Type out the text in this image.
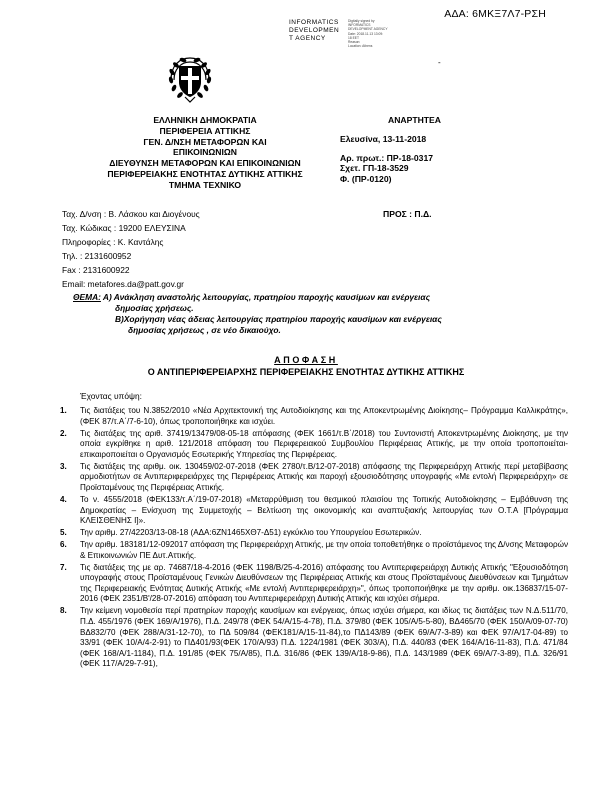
ΑΔΑ: 6ΜΚΞ7Λ7-ΡΣΗ
INFORMATICS
DEVELOPMEN
T AGENCY
Digitally signed by
INFORMATICS
DEVELOPMENT AGENCY
Date: 2018.11.13 13:09:
18 EET
Reason:
Location: Athens
-
ΕΛΛΗΝΙΚΗ ΔΗΜΟΚΡΑΤΙΑ
ΠΕΡΙΦΕΡΕΙΑ ΑΤΤΙΚΗΣ
ΓΕΝ. Δ/ΝΣΗ ΜΕΤΑΦΟΡΩΝ ΚΑΙ
ΕΠΙΚΟΙΝΩΝΙΩΝ
ΔΙΕΥΘΥΝΣΗ ΜΕΤΑΦΟΡΩΝ ΚΑΙ ΕΠΙΚΟΙΝΩΝΙΩΝ
ΠΕΡΙΦΕΡΕΙΑΚΗΣ ΕΝΟΤΗΤΑΣ ΔΥΤΙΚΗΣ ΑΤΤΙΚΗΣ
ΤΜΗΜΑ ΤΕΧΝΙΚΟ
ΑΝΑΡΤΗΤΕΑ
Ελευσίνα, 13-11-2018
Αρ. πρωτ.: ΠΡ-18-0317
Σχετ. ΓΠ-18-3529
Φ. (ΠΡ-0120)
Ταχ. Δ/νση : Β. Λάσκου και Διογένους
Ταχ. Κώδικας : 19200 ΕΛΕΥΣΙΝΑ
Πληροφορίες : Κ. Καντάλης
Τηλ. : 2131600952
Fax : 2131600922
Email: metafores.da@patt.gov.gr
ΠΡΟΣ : Π.Δ.
ΘΕΜΑ: Α) Ανάκληση αναστολής λειτουργίας, πρατηρίου παροχής καυσίμων και ενέργειας
δημοσίας χρήσεως.
Β)Χορήγηση νέας άδειας λειτουργίας πρατηρίου παροχής καυσίμων και ενέργειας
δημοσίας χρήσεως , σε νέο δικαιούχο.
ΑΠΟΦΑΣΗ
Ο ΑΝΤΙΠΕΡΙΦΕΡΕΙΑΡΧΗΣ ΠΕΡΙΦΕΡΕΙΑΚΗΣ ΕΝΟΤΗΤΑΣ ΔΥΤΙΚΗΣ ΑΤΤΙΚΗΣ
Έχοντας υπόψη:
1. Τις διατάξεις του Ν.3852/2010 «Νέα Αρχιτεκτονική της Αυτοδιοίκησης και της Αποκεντρωμένης Διοίκησης– Πρόγραμμα Καλλικράτης», (ΦΕΚ 87/τ.Α΄/7-6-10), όπως τροποποιήθηκε και ισχύει.
2. Τις διατάξεις της αριθ. 37419/13479/08-05-18 απόφασης (ΦΕΚ 1661/τ.Β΄/2018) του Συντονιστή Αποκεντρωμένης Διοίκησης, με την οποία εγκρίθηκε η αριθ. 121/2018 απόφαση του Περιφερειακού Συμβουλίου Περιφέρειας Αττικής, με την οποία τροποποιείται-επικαιροποιείται ο Οργανισμός Εσωτερικής Υπηρεσίας της Περιφέρειας.
3. Τις διατάξεις της αριθμ. οικ. 130459/02-07-2018 (ΦΕΚ 2780/τ.Β/12-07-2018) απόφασης της Περιφερειάρχη Αττικής περί μεταβίβασης αρμοδιοτήτων σε Αντιπεριφερειάρχες της Περιφέρειας Αττικής και παροχή εξουσιοδότησης υπογραφής «Με εντολή Περιφερειάρχη» σε Προϊσταμένους της Περιφέρειας Αττικής.
4. Το ν. 4555/2018 (ΦΕΚ133/τ.Α΄/19-07-2018) «Μεταρρύθμιση του θεσμικού πλαισίου της Τοπικής Αυτοδιοίκησης – Εμβάθυνση της Δημοκρατίας – Ενίσχυση της Συμμετοχής – Βελτίωση της οικονομικής και αναπτυξιακής λειτουργίας των Ο.Τ.Α [Πρόγραμμα ΚΛΕΙΣΘΕΝΗΣ Ι]».
5. Την αριθμ. 27/42203/13-08-18 (ΑΔΑ:6ΖΝ1465ΧΘ7-Δ51) εγκύκλιο του Υπουργείου Εσωτερικών.
6. Την αριθμ. 183181/12-092017 απόφαση της Περιφερειάρχη Αττικής, με την οποία τοποθετήθηκε ο προϊστάμενος της Δ/νσης Μεταφορών & Επικοινωνιών ΠΕ Δυτ.Αττικής.
7. Τις διατάξεις της με αρ. 74687/18-4-2016 (ΦΕΚ 1198/Β/25-4-2016) απόφασης του Αντιπεριφερειάρχη Δυτικής Αττικής "Εξουσιοδότηση υπογραφής στους Προϊσταμένους Γενικών Διευθύνσεων της Περιφέρειας Αττικής και στους Προϊσταμένους Διευθύνσεων και Τμημάτων της Περιφερειακής Ενότητας Δυτικής Αττικής «Με εντολή Αντιπεριφερειάρχη»", όπως τροποποιήθηκε με την αριθμ. οικ.136837/15-07-2016 (ΦΕΚ 2351/Β'/28-07-2016) απόφαση του Αντιπεριφερειάρχη Δυτικής Αττικής και ισχύει σήμερα.
8. Την κείμενη νομοθεσία περί πρατηρίων παροχής καυσίμων και ενέργειας, όπως ισχύει σήμερα, και ιδίως τις διατάξεις των Ν.Δ.511/70, Π.Δ. 455/1976 (ΦΕΚ 169/Α/1976), Π.Δ. 249/78 (ΦΕΚ 54/Α/15-4-78), Π.Δ. 379/80 (ΦΕΚ 105/Α/5-5-80), ΒΔ465/70 (ΦΕΚ 150/Α/09-07-70) ΒΔ832/70 (ΦΕΚ 288/Α/31-12-70), το ΠΔ 509/84 (ΦΕΚ181/Α/15-11-84),το ΠΔ143/89 (ΦΕΚ 69/Α/7-3-89) και ΦΕΚ 97/Α/17-04-89) το 33/91 (ΦΕΚ 10/Α/4-2-91) το ΠΔ401/93(ΦΕΚ 170/Α/93) Π.Δ. 1224/1981 (ΦΕΚ 303/Α), Π.Δ. 440/83 (ΦΕΚ 164/Α/16-11-83), Π.Δ. 471/84 (ΦΕΚ 168/Α/1-1184), Π.Δ. 191/85 (ΦΕΚ 75/Α/85), Π.Δ. 316/86 (ΦΕΚ 139/Α/18-9-86), Π.Δ. 143/1989 (ΦΕΚ 69/Α/7-3-89), Π.Δ. 326/91 (ΦΕΚ 117/Α/29-7-91),
